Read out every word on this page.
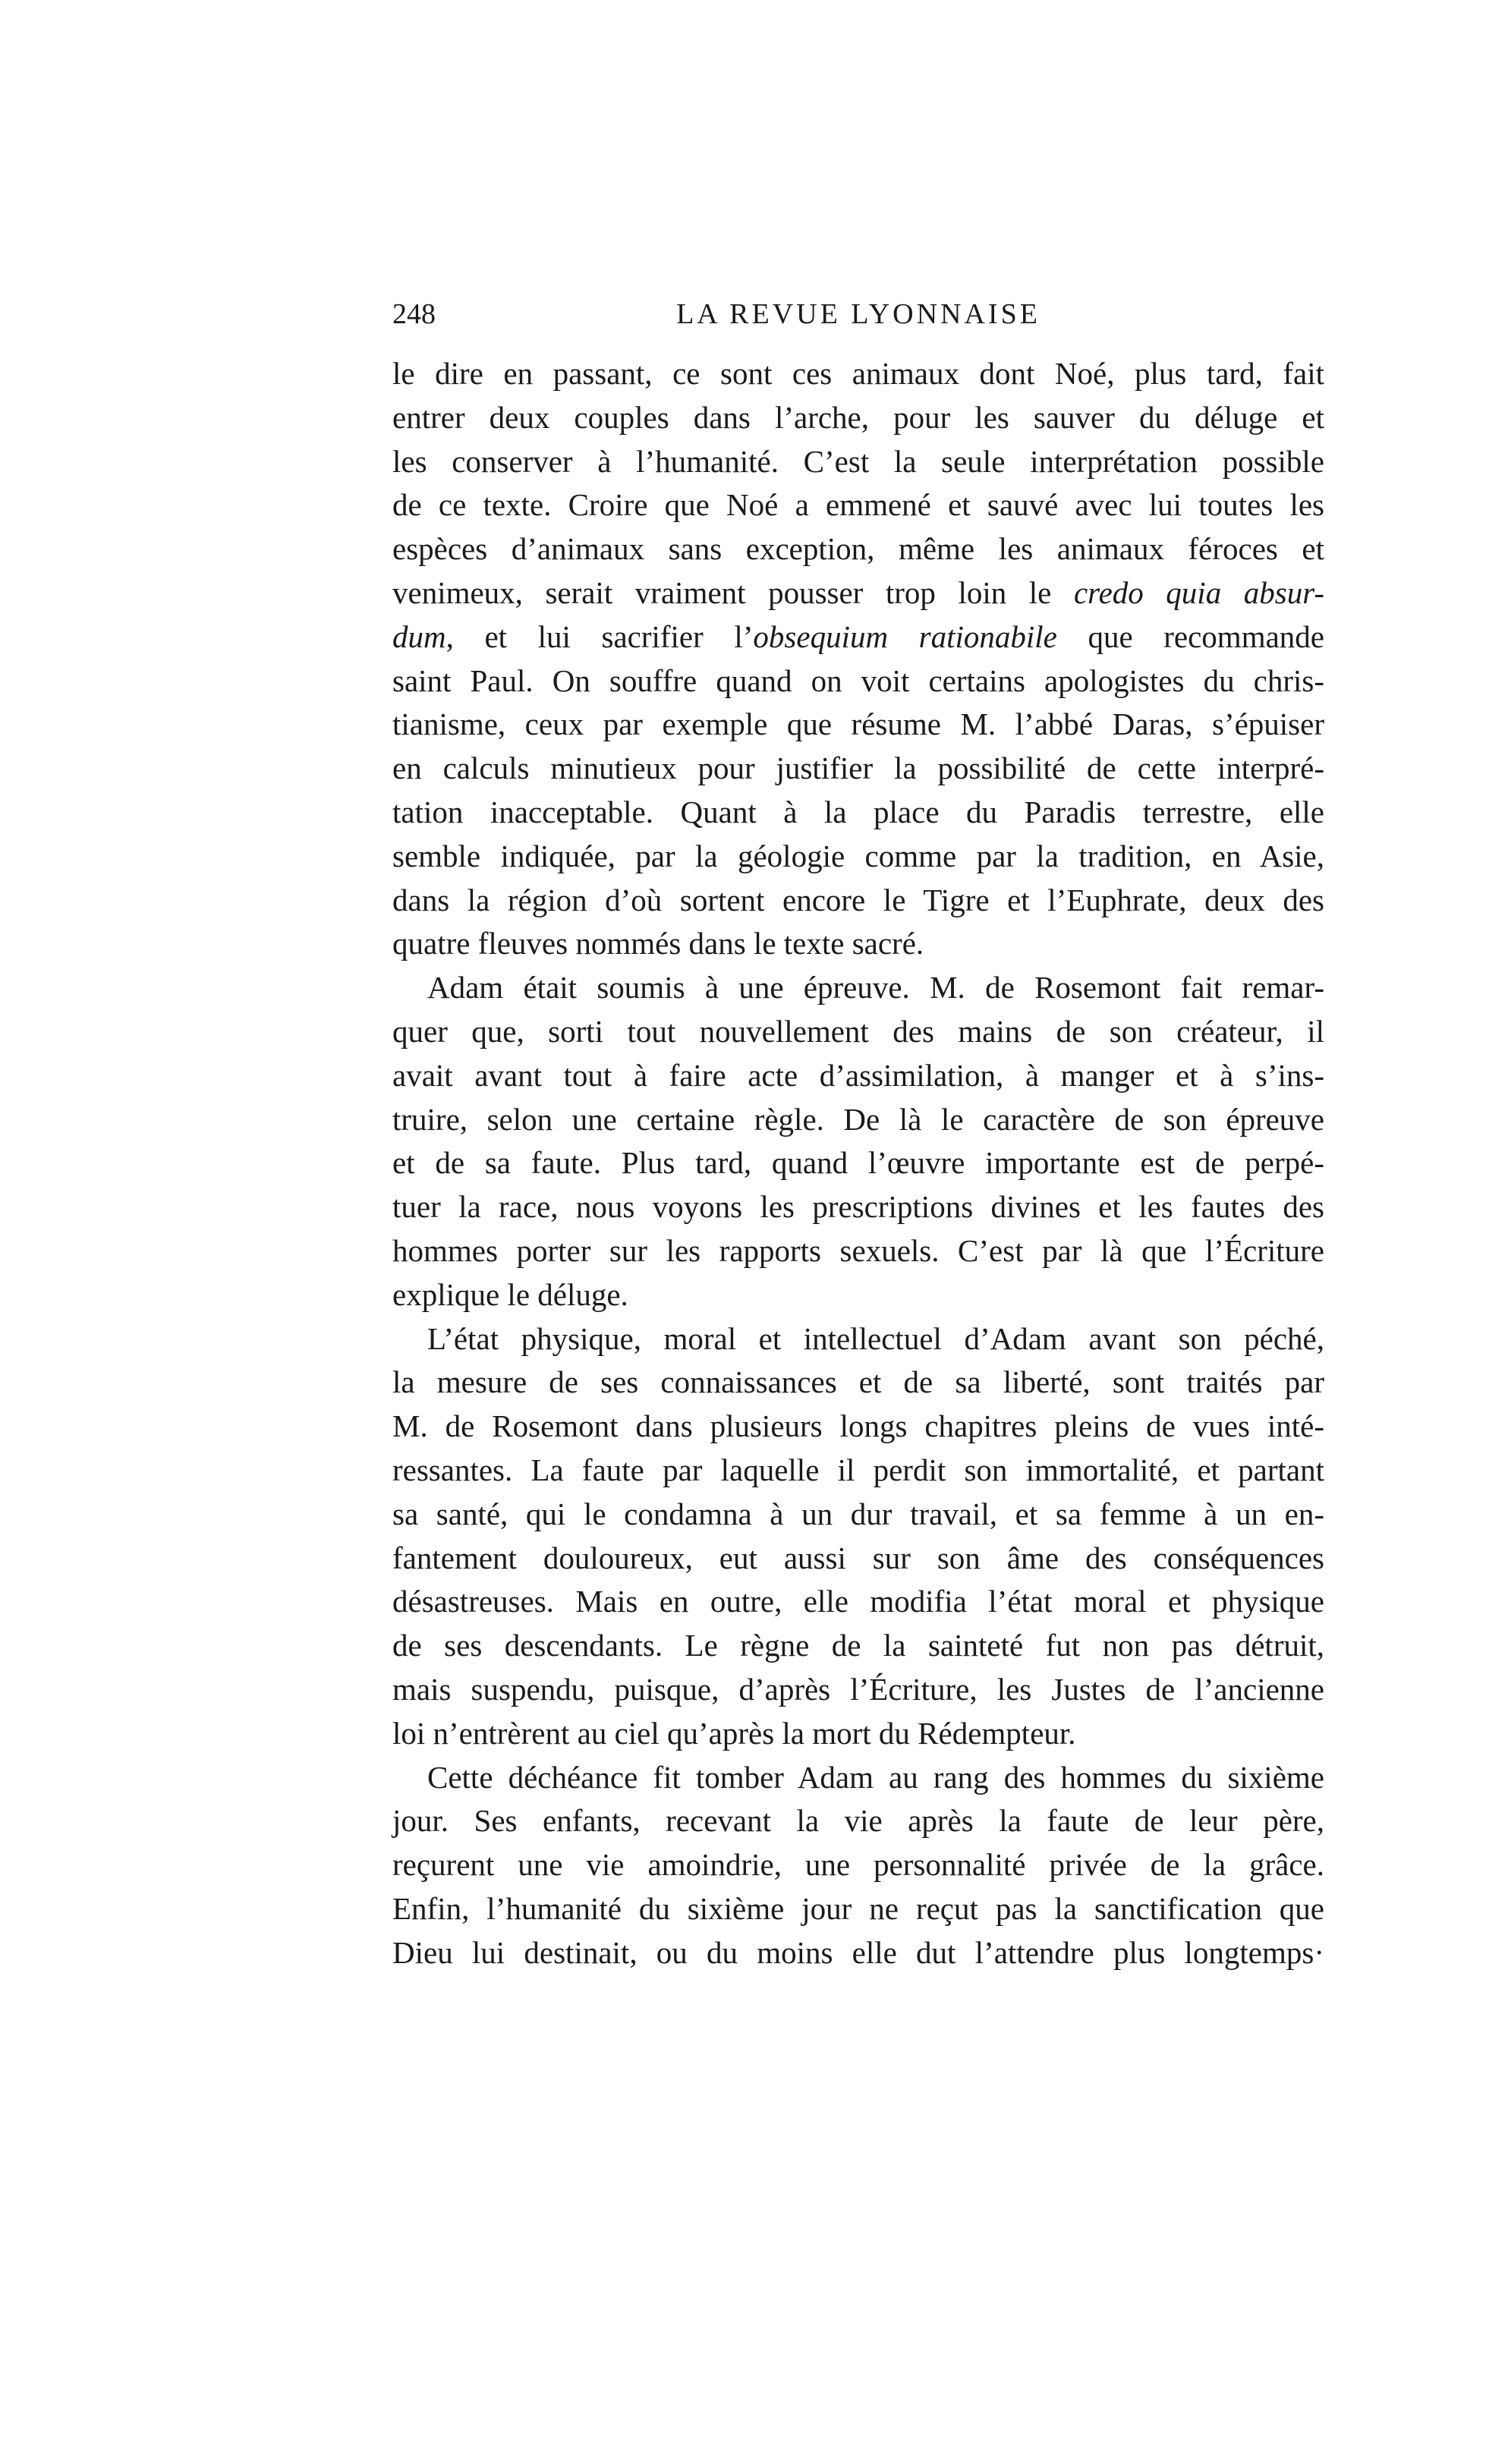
248	LA REVUE LYONNAISE
le dire en passant, ce sont ces animaux dont Noé, plus tard, fait
entrer deux couples dans l’arche, pour les sauver du déluge et
les conserver à l’humanité. C’est la seule interprétation possible
de ce texte. Croire que Noé a emmené et sauvé avec lui toutes les
espèces d’animaux sans exception, même les animaux féroces et
venimeux, serait vraiment pousser trop loin le credo quia absur-
dum, et lui sacrifier l’obsequium rationabile que recommande
saint Paul. On souffre quand on voit certains apologistes du chris-
tianisme, ceux par exemple que résume M. l’abbé Daras, s’épuiser
en calculs minutieux pour justifier la possibilité de cette interpré-
tation inacceptable. Quant à la place du Paradis terrestre, elle
semble indiquée, par la géologie comme par la tradition, en Asie,
dans la région d’où sortent encore le Tigre et l’Euphrate, deux des
quatre fleuves nommés dans le texte sacré.
Adam était soumis à une épreuve. M. de Rosemont fait remar-
quer que, sorti tout nouvellement des mains de son créateur, il
avait avant tout à faire acte d’assimilation, à manger et à s’ins-
truire, selon une certaine règle. De là le caractère de son épreuve
et de sa faute. Plus tard, quand l’œuvre importante est de perpé-
tuer la race, nous voyons les prescriptions divines et les fautes des
hommes porter sur les rapports sexuels. C’est par là que l’Écriture
explique le déluge.
L’état physique, moral et intellectuel d’Adam avant son péché,
la mesure de ses connaissances et de sa liberté, sont traités par
M. de Rosemont dans plusieurs longs chapitres pleins de vues inté-
ressantes. La faute par laquelle il perdit son immortalité, et partant
sa santé, qui le condamna à un dur travail, et sa femme à un en-
fantement douloureux, eut aussi sur son âme des conséquences
désastreuses. Mais en outre, elle modifia l’état moral et physique
de ses descendants. Le règne de la sainteté fut non pas détruit,
mais suspendu, puisque, d’après l’Écriture, les Justes de l’ancienne
loi n’entrèrent au ciel qu’après la mort du Rédempteur.
Cette déchéance fit tomber Adam au rang des hommes du sixième
jour. Ses enfants, recevant la vie après la faute de leur père,
reçurent une vie amoindrie, une personnalité privée de la grâce.
Enfin, l’humanité du sixième jour ne reçut pas la sanctification que
Dieu lui destinait, ou du moins elle dut l’attendre plus longtemps·
